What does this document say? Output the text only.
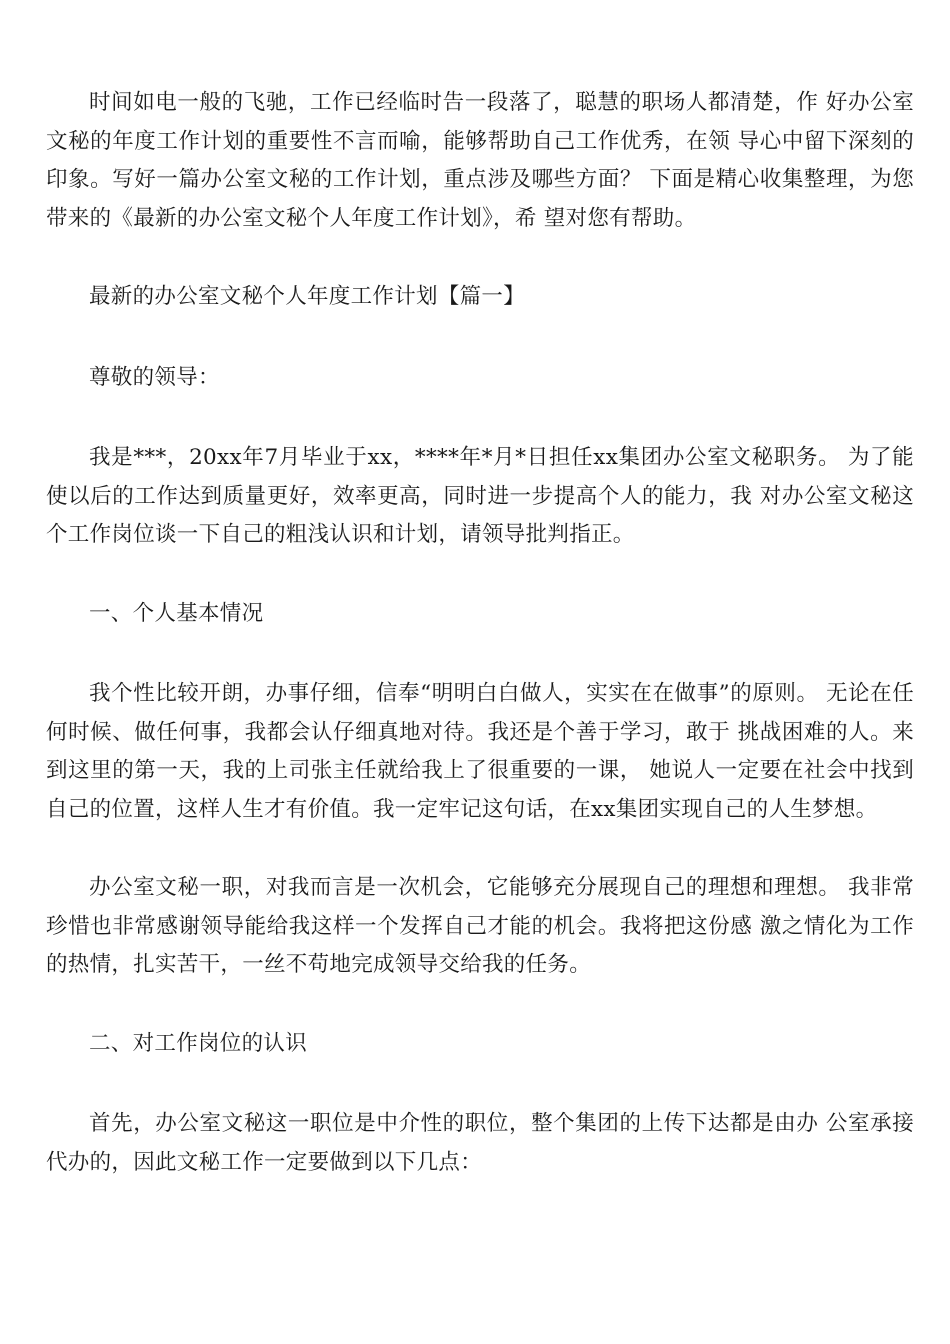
时间如电一般的飞驰，工作已经临时告一段落了，聪慧的职场人都清楚，作 好办公室文秘的年度工作计划的重要性不言而喻，能够帮助自己工作优秀，在领 导心中留下深刻的印象。写好一篇办公室文秘的工作计划，重点涉及哪些方面？ 下面是精心收集整理，为您带来的《最新的办公室文秘个人年度工作计划》，希 望对您有帮助。

最新的办公室文秘个人年度工作计划【篇一】

尊敬的领导：

我是***，20xx年7月毕业于xx，****年*月*日担任xx集团办公室文秘职务。 为了能使以后的工作达到质量更好，效率更高，同时进一步提高个人的能力，我 对办公室文秘这个工作岗位谈一下自己的粗浅认识和计划，请领导批判指正。

一、个人基本情况

我个性比较开朗，办事仔细，信奉“明明白白做人，实实在在做事”的原则。 无论在任何时候、做任何事，我都会认仔细真地对待。我还是个善于学习，敢于 挑战困难的人。来到这里的第一天，我的上司张主任就给我上了很重要的一课， 她说人一定要在社会中找到自己的位置，这样人生才有价值。我一定牢记这句话，在xx集团实现自己的人生梦想。

办公室文秘一职，对我而言是一次机会，它能够充分展现自己的理想和理想。 我非常珍惜也非常感谢领导能给我这样一个发挥自己才能的机会。我将把这份感 激之情化为工作的热情，扎实苦干，一丝不苟地完成领导交给我的任务。

二、对工作岗位的认识

首先，办公室文秘这一职位是中介性的职位，整个集团的上传下达都是由办 公室承接代办的，因此文秘工作一定要做到以下几点：
